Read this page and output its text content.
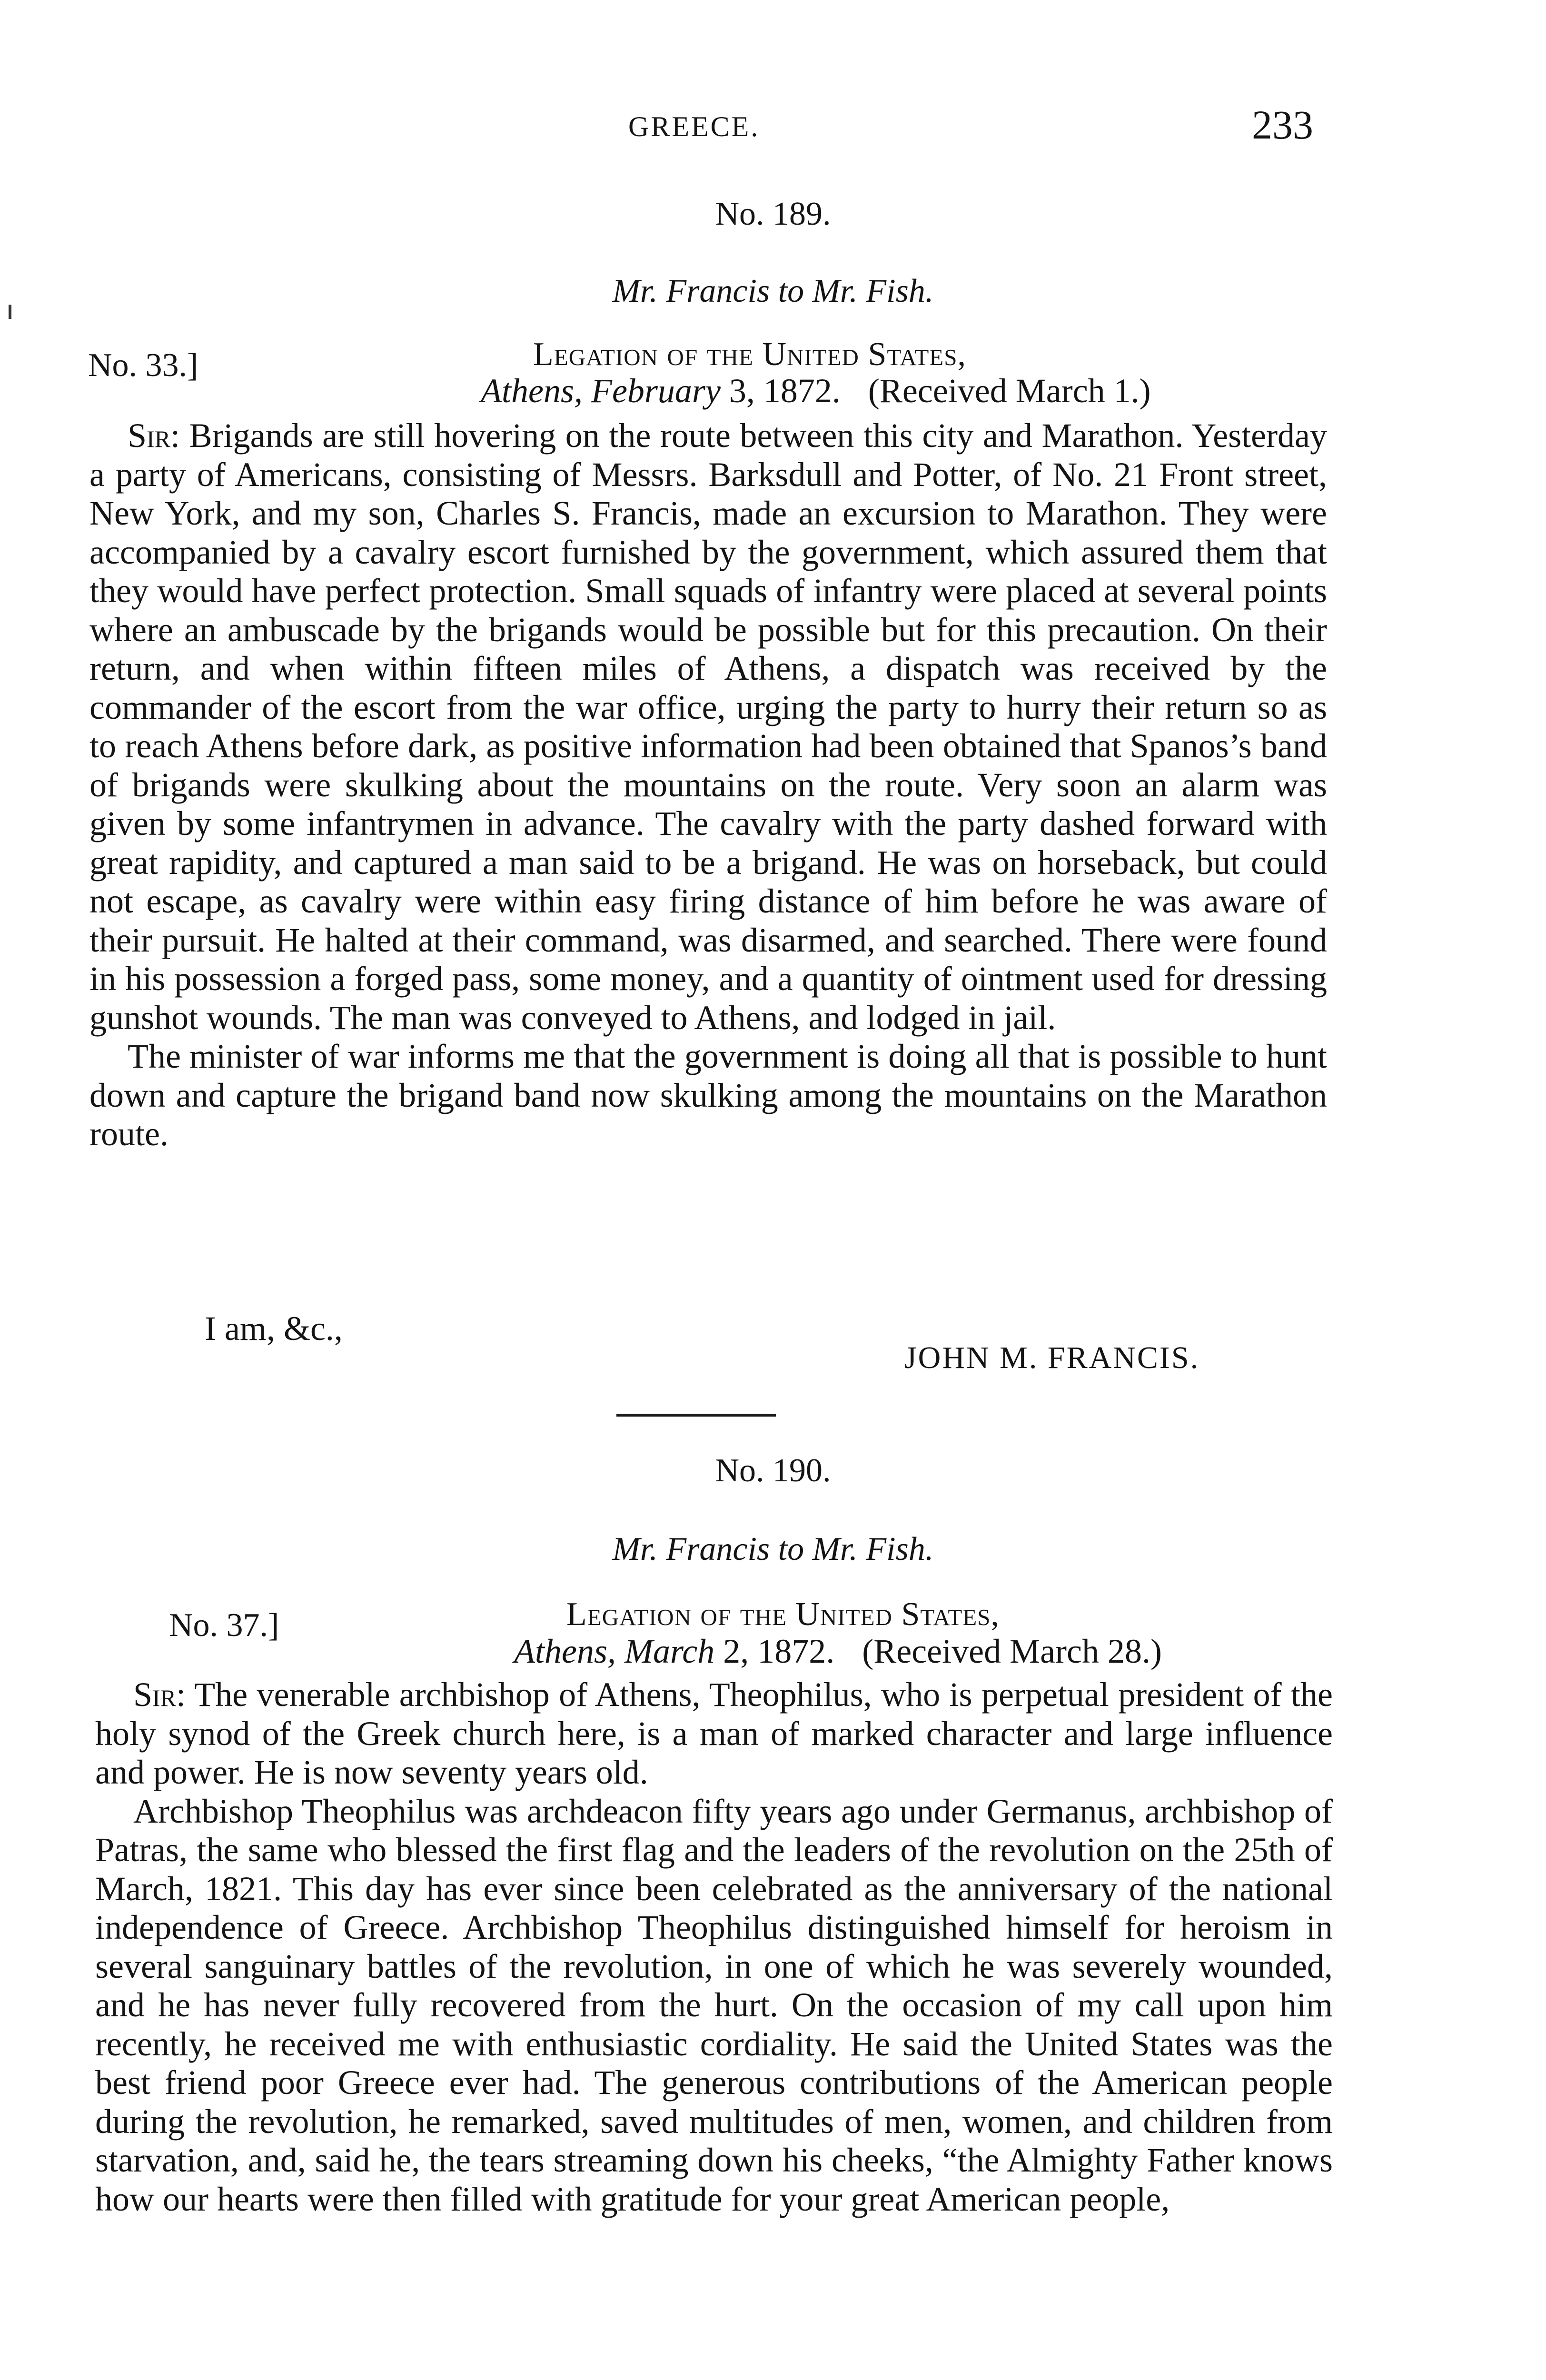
GREECE.	233
No. 189.
Mr. Francis to Mr. Fish.
No. 33.]	Legation of the United States,
Athens, February 3, 1872. (Received March 1.)

Sir: Brigands are still hovering on the route between this city and Marathon. Yesterday a party of Americans, consisting of Messrs. Barksdull and Potter, of No. 21 Front street, New York, and my son, Charles S. Francis, made an excursion to Marathon. They were accompanied by a cavalry escort furnished by the government, which assured them that they would have perfect protection. Small squads of infantry were placed at several points where an ambuscade by the brigands would be possible but for this precaution. On their return, and when within fifteen miles of Athens, a dispatch was received by the commander of the escort from the war office, urging the party to hurry their return so as to reach Athens before dark, as positive information had been obtained that Spanos’s band of brigands were skulking about the mountains on the route. Very soon an alarm was given by some infantrymen in advance. The cavalry with the party dashed forward with great rapidity, and captured a man said to be a brigand. He was on horseback, but could not escape, as cavalry were within easy firing distance of him before he was aware of their pursuit. He halted at their command, was disarmed, and searched. There were found in his possession a forged pass, some money, and a quantity of ointment used for dressing gunshot wounds. The man was conveyed to Athens, and lodged in jail.

The minister of war informs me that the government is doing all that is possible to hunt down and capture the brigand band now skulking among the mountains on the Marathon route.

I am, &c.,
JOHN M. FRANCIS.
No. 190.
Mr. Francis to Mr. Fish.
No. 37.]	Legation of the United States,
Athens, March 2, 1872. (Received March 28.)

Sir: The venerable archbishop of Athens, Theophilus, who is perpetual president of the holy synod of the Greek church here, is a man of marked character and large influence and power. He is now seventy years old.

Archbishop Theophilus was archdeacon fifty years ago under Germanus, archbishop of Patras, the same who blessed the first flag and the leaders of the revolution on the 25th of March, 1821. This day has ever since been celebrated as the anniversary of the national independence of Greece. Archbishop Theophilus distinguished himself for heroism in several sanguinary battles of the revolution, in one of which he was severely wounded, and he has never fully recovered from the hurt. On the occasion of my call upon him recently, he received me with enthusiastic cordiality. He said the United States was the best friend poor Greece ever had. The generous contributions of the American people during the revolution, he remarked, saved multitudes of men, women, and children from starvation, and, said he, the tears streaming down his cheeks, “the Almighty Father knows how our hearts were then filled with gratitude for your great American people,
